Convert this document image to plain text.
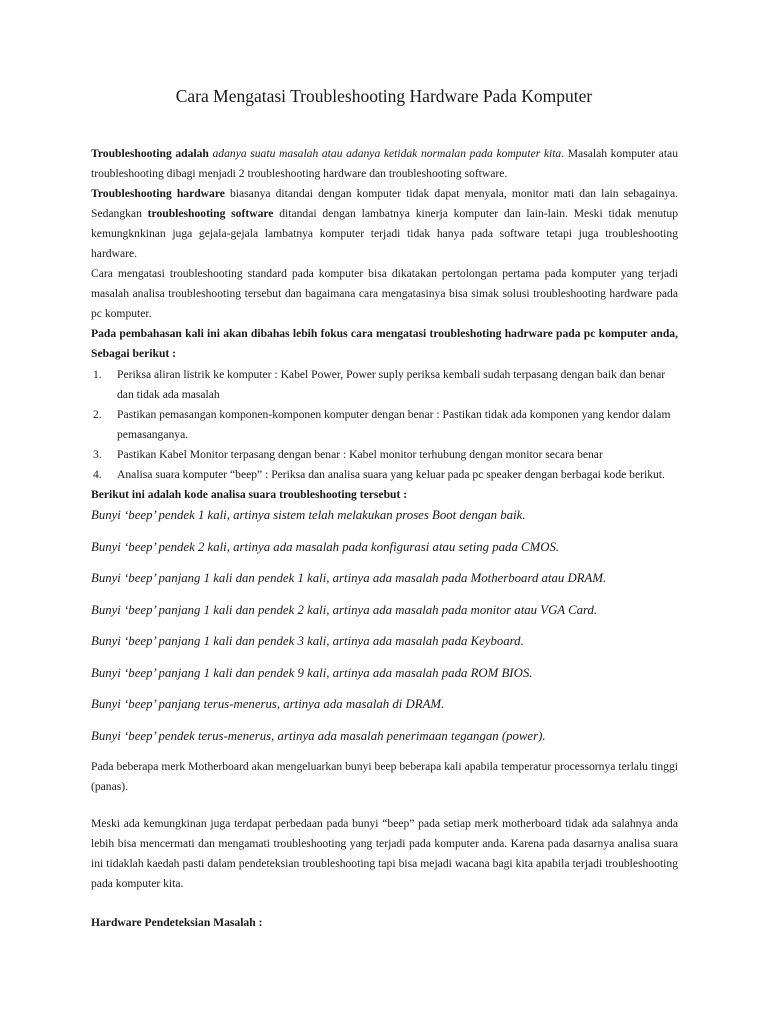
Cara Mengatasi Troubleshooting Hardware Pada Komputer

Troubleshooting adalah adanya suatu masalah atau adanya ketidak normalan pada komputer kita. Masalah komputer atau troubleshooting dibagi menjadi 2 troubleshooting hardware dan troubleshooting software.

Troubleshooting hardware biasanya ditandai dengan komputer tidak dapat menyala, monitor mati dan lain sebagainya. Sedangkan troubleshooting software ditandai dengan lambatnya kinerja komputer dan lain-lain. Meski tidak menutup kemungknkinan juga gejala-gejala lambatnya komputer terjadi tidak hanya pada software tetapi juga troubleshooting hardware.

Cara mengatasi troubleshooting standard pada komputer bisa dikatakan pertolongan pertama pada komputer yang terjadi masalah analisa troubleshooting tersebut dan bagaimana cara mengatasinya bisa simak solusi troubleshooting hardware pada pc komputer.

Pada pembahasan kali ini akan dibahas lebih fokus cara mengatasi troubleshoting hadrware pada pc komputer anda, Sebagai berikut :

1. Periksa aliran listrik ke komputer : Kabel Power, Power suply periksa kembali sudah terpasang dengan baik dan benar dan tidak ada masalah
2. Pastikan pemasangan komponen-komponen komputer dengan benar : Pastikan tidak ada komponen yang kendor dalam pemasanganya.
3. Pastikan Kabel Monitor terpasang dengan benar : Kabel monitor terhubung dengan monitor secara benar
4. Analisa suara komputer “beep” : Periksa dan analisa suara yang keluar pada pc speaker dengan berbagai kode berikut.

Berikut ini adalah kode analisa suara troubleshooting tersebut :

Bunyi ‘beep’ pendek 1 kali, artinya sistem telah melakukan proses Boot dengan baik.

Bunyi ‘beep’ pendek 2 kali, artinya ada masalah pada konfigurasi atau seting pada CMOS.

Bunyi ‘beep’ panjang 1 kali dan pendek 1 kali, artinya ada masalah pada Motherboard atau DRAM.

Bunyi ‘beep’ panjang 1 kali dan pendek 2 kali, artinya ada masalah pada monitor atau VGA Card.

Bunyi ‘beep’ panjang 1 kali dan pendek 3 kali, artinya ada masalah pada Keyboard.

Bunyi ‘beep’ panjang 1 kali dan pendek 9 kali, artinya ada masalah pada ROM BIOS.

Bunyi ‘beep’ panjang terus-menerus, artinya ada masalah di DRAM.

Bunyi ‘beep’ pendek terus-menerus, artinya ada masalah penerimaan tegangan (power).

Pada beberapa merk Motherboard akan mengeluarkan bunyi beep beberapa kali apabila temperatur processornya terlalu tinggi (panas).

Meski ada kemungkinan juga terdapat perbedaan pada bunyi “beep” pada setiap merk motherboard tidak ada salahnya anda lebih bisa mencermati dan mengamati troubleshooting yang terjadi pada komputer anda. Karena pada dasarnya analisa suara ini tidaklah kaedah pasti dalam pendeteksian troubleshooting tapi bisa mejadi wacana bagi kita apabila terjadi troubleshooting pada komputer kita.

Hardware Pendeteksian Masalah :
